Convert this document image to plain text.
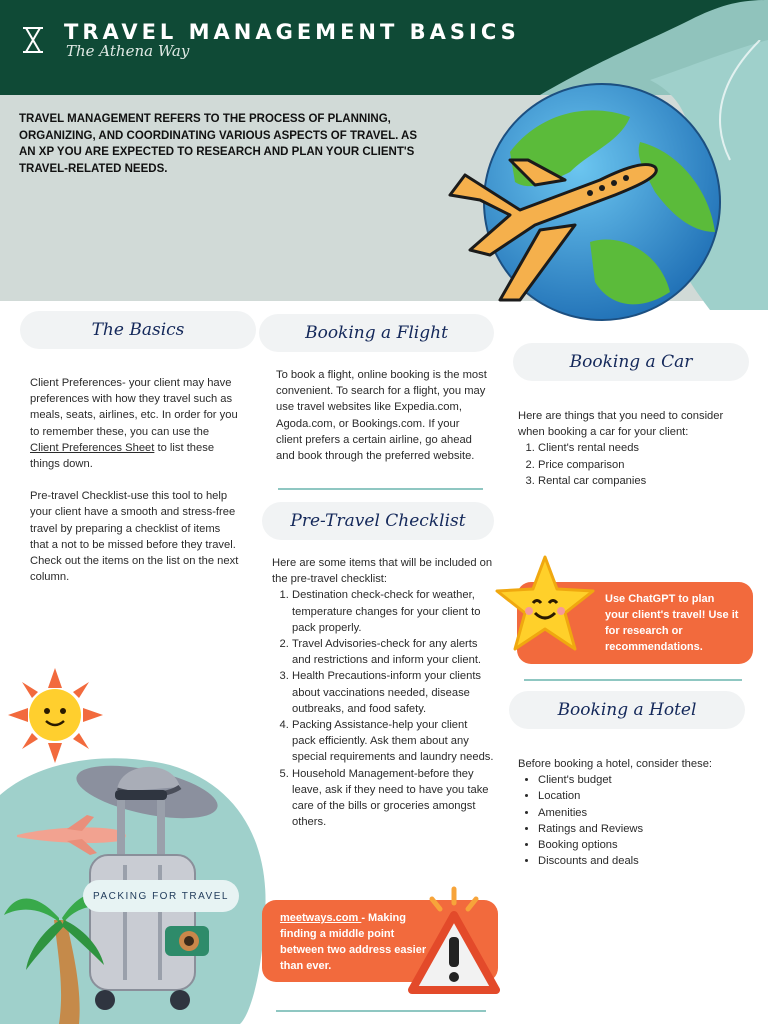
TRAVEL MANAGEMENT BASICS
The Athena Way
TRAVEL MANAGEMENT REFERS TO THE PROCESS OF PLANNING, ORGANIZING, AND COORDINATING VARIOUS ASPECTS OF TRAVEL. AS AN XP YOU ARE EXPECTED TO RESEARCH AND PLAN YOUR CLIENT'S TRAVEL-RELATED NEEDS.
The Basics

Client Preferences- your client may have preferences with how they travel such as meals, seats, airlines, etc. In order for you to remember these, you can use the Client Preferences Sheet to list these things down.

Pre-travel Checklist-use this tool to help your client have a smooth and stress-free travel by preparing a checklist of items that a not to be missed before they travel. Check out the items on the list on the next column.

PACKING FOR TRAVEL
Booking a Flight
To book a flight, online booking is the most convenient. To search for a flight, you may use travel websites like Expedia.com, Agoda.com, or Bookings.com. If your client prefers a certain airline, go ahead and book through the preferred website.
Pre-Travel Checklist
Here are some items that will be included on the pre-travel checklist:
1. Destination check-check for weather, temperature changes for your client to pack properly.
2. Travel Advisories-check for any alerts and restrictions and inform your client.
3. Health Precautions-inform your clients about vaccinations needed, disease outbreaks, and food safety.
4. Packing Assistance-help your client pack efficiently. Ask them about any special requirements and laundry needs.
5. Household Management-before they leave, ask if they need to have you take care of the bills or groceries amongst others.
meetways.com - Making finding a middle point between two address easier than ever.
Booking a Car
Here are things that you need to consider when booking a car for your client:
1. Client's rental needs
2. Price comparison
3. Rental car companies
Use ChatGPT to plan your client's travel! Use it for research or recommendations.
Booking a Hotel
Before booking a hotel, consider these:
• Client's budget
• Location
• Amenities
• Ratings and Reviews
• Booking options
• Discounts and deals
